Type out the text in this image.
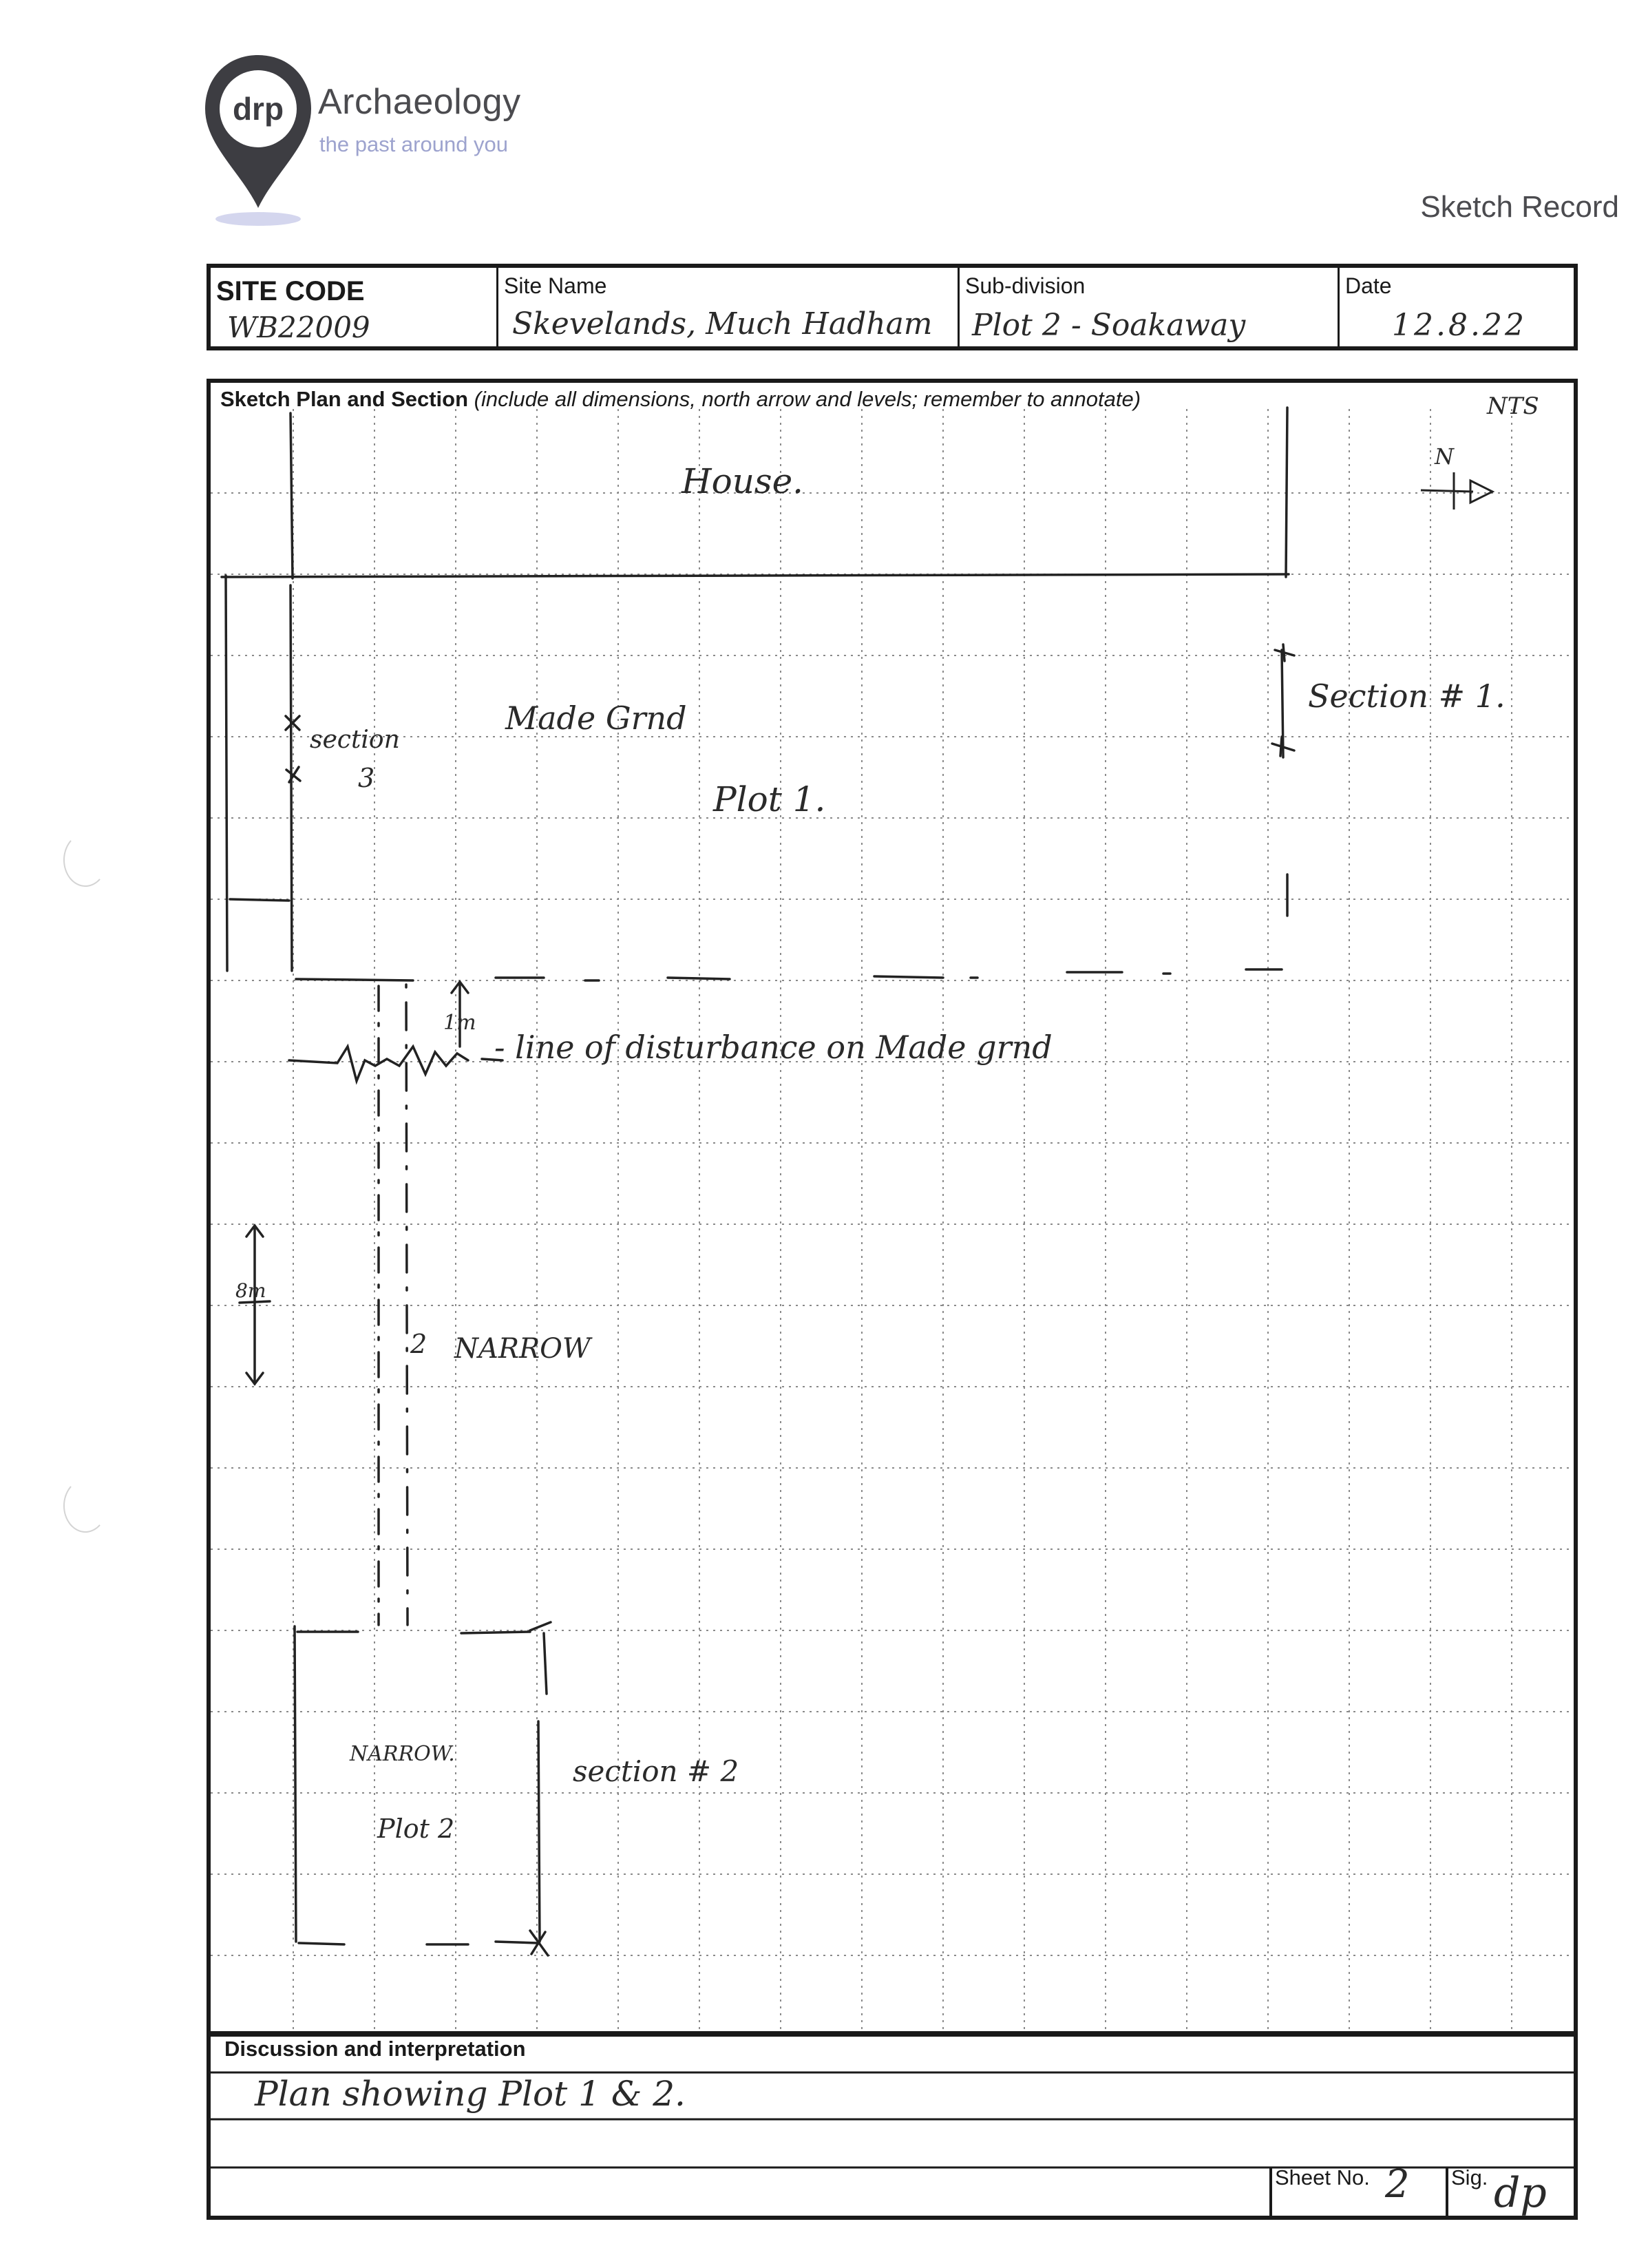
drp Archaeology
the past around you
Sketch Record
SITE CODE
WB22009
Site Name
Skevelands, Much Hadham
Sub-division
Plot 2 - Soakaway
Date
12.8.22
Sketch Plan and Section (include all dimensions, north arrow and levels; remember to annotate)	NTS
N
House.
Section # 1.
Made Grnd
section
3
Plot 1.
1m
- line of disturbance on Made grnd
8m
2 NARROW
NARROW.
section # 2
Plot 2
Discussion and interpretation
Plan showing Plot 1 & 2.
Sheet No. 2 Sig. dp
